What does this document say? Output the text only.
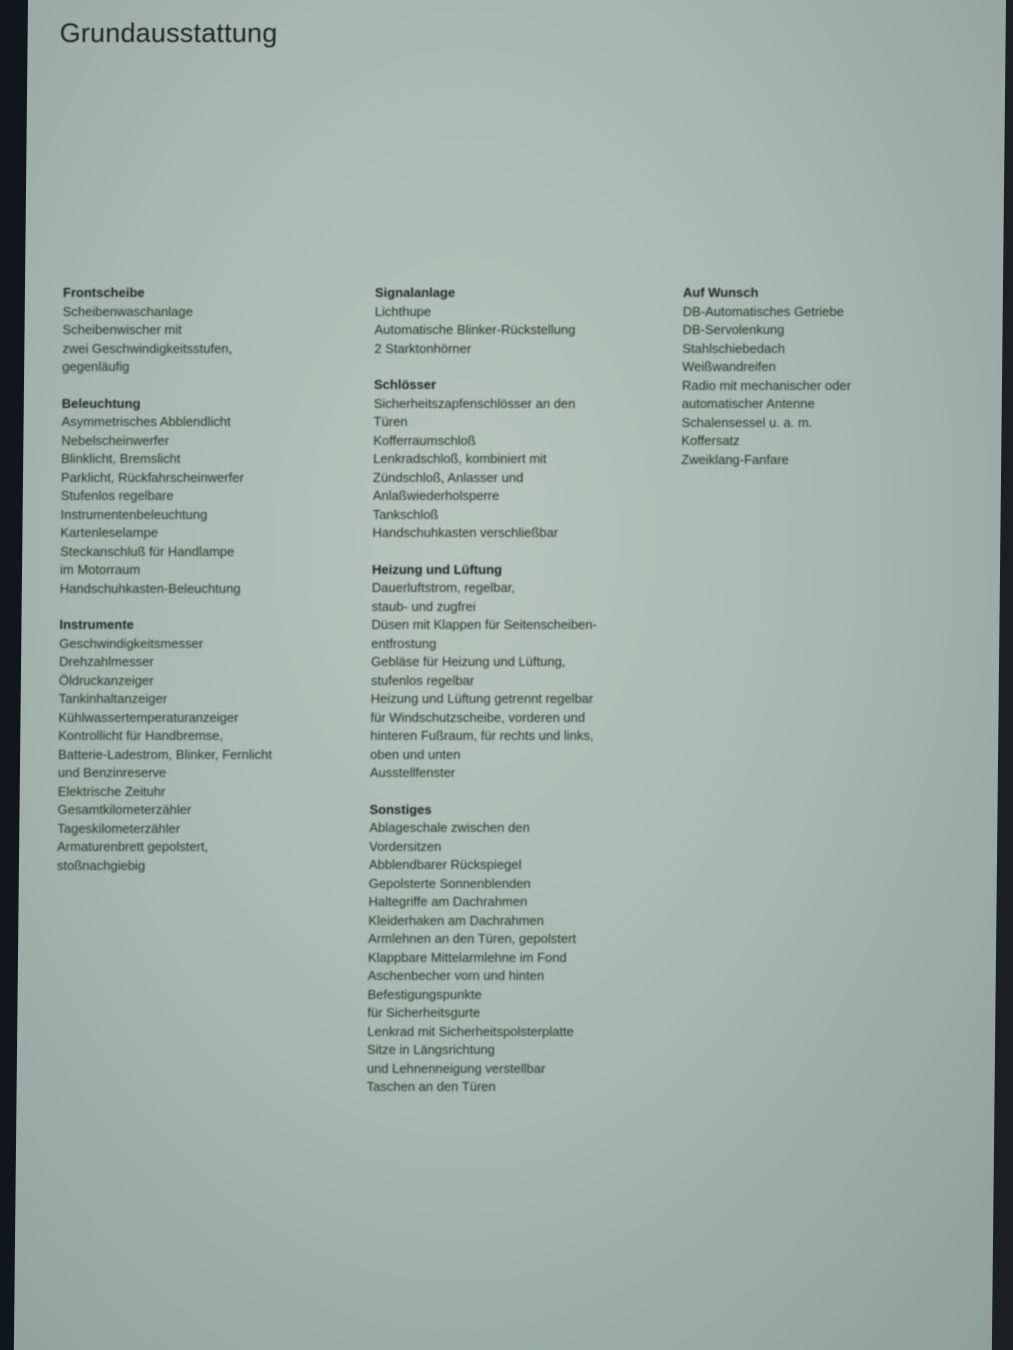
Grundausstattung
Frontscheibe
Scheibenwaschanlage
Scheibenwischer mit
zwei Geschwindigkeitsstufen,
gegenläufig
Beleuchtung
Asymmetrisches Abblendlicht
Nebelscheinwerfer
Blinklicht, Bremslicht
Parklicht, Rückfahrscheinwerfer
Stufenlos regelbare
Instrumentenbeleuchtung
Kartenleselampe
Steckanschluß für Handlampe
im Motorraum
Handschuhkasten-Beleuchtung
Instrumente
Geschwindigkeitsmesser
Drehzahlmesser
Öldruckanzeiger
Tankinhaltanzeiger
Kühlwassertemperaturanzeiger
Kontrollicht für Handbremse,
Batterie-Ladestrom, Blinker, Fernlicht
und Benzinreserve
Elektrische Zeituhr
Gesamtkilometerzähler
Tageskilometerzähler
Armaturenbrett gepolstert,
stoßnachgiebig
Signalanlage
Lichthupe
Automatische Blinker-Rückstellung
2 Starktonhörner
Schlösser
Sicherheitszapfenschlösser an den
Türen
Kofferraumschloß
Lenkradschloß, kombiniert mit
Zündschloß, Anlasser und
Anlaßwiederholsperre
Tankschloß
Handschuhkasten verschließbar
Heizung und Lüftung
Dauerluftstrom, regelbar,
staub- und zugfrei
Düsen mit Klappen für Seitenscheiben-
entfrostung
Gebläse für Heizung und Lüftung,
stufenlos regelbar
Heizung und Lüftung getrennt regelbar
für Windschutzscheibe, vorderen und
hinteren Fußraum, für rechts und links,
oben und unten
Ausstellfenster
Sonstiges
Ablageschale zwischen den
Vordersitzen
Abblendbarer Rückspiegel
Gepolsterte Sonnenblenden
Haltegriffe am Dachrahmen
Kleiderhaken am Dachrahmen
Armlehnen an den Türen, gepolstert
Klappbare Mittelarmlehne im Fond
Aschenbecher vorn und hinten
Befestigungspunkte
für Sicherheitsgurte
Lenkrad mit Sicherheitspolsterplatte
Sitze in Längsrichtung
und Lehnenneigung verstellbar
Taschen an den Türen
Auf Wunsch
DB-Automatisches Getriebe
DB-Servolenkung
Stahlschiebedach
Weißwandreifen
Radio mit mechanischer oder
automatischer Antenne
Schalensessel u. a. m.
Koffersatz
Zweiklang-Fanfare
